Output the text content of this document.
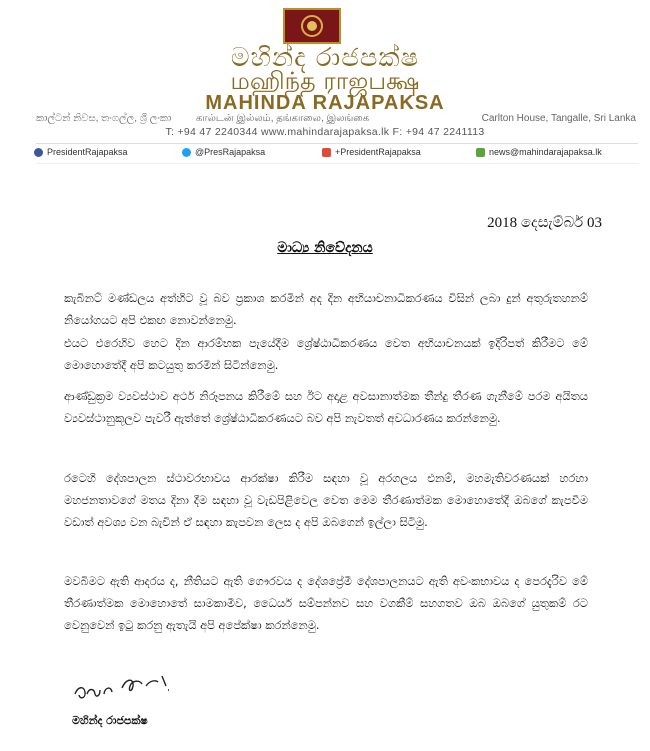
මහින්ද රාජපක්ෂ
மஹிந்த ராஜபக்ஷ
MAHINDA RAJAPAKSA
කාල්ටන් නිවස, තංගල්ල, ශ්‍රී ලංකා கால்டன் இல்லம், தங்காலை, இலங்கை	Carlton House, Tangalle, Sri Lanka
T: +94 47 2240344 www.mahindarajapaksa.lk F: +94 47 2241113
PresidentRajapaksa	@PresRajapaksa	+PresidentRajapaksa	news@mahindarajapaksa.lk
2018 දෙසැම්බර් 03
මාධ්‍ය නිවේදනය

කැබිනට් මණ්ඩලය අත්හිට වූ බව ප්‍රකාශ කරමින් අද දින අභියාචනාධිකරණය විසින් ලබා දුන් අතුරුතහනම් නියෝගයට අපි එකඟ නොවන්නෙමු.

එයට එරෙහිව හෙට දින ආරම්භක පැයේදීම ශ්‍රේෂ්ඨාධිකරණය වෙත අභියාචනයක් ඉදිරිපත් කිරීමට මේ මොහොතේදී අපි කටයුතු කරමින් සිටින්නෙමු.

ආණ්ඩුක්‍රම ව්‍යවස්ථාව අර්ථ නිරූපනය කිරීමේ සහ ඊට අදාළ අවසානාත්මක තීන්දු තීරණ ගැනීමේ පරම අයිතය ව්‍යවස්ථානුකූලව පැවරී ඇත්තේ ශ්‍රේෂ්ඨාධිකරණයට බව අපි නැවතත් අවධාරණය කරන්නෙමු.

රටෙහි දේශපාලන ස්ථාවරභාවය ආරක්ෂා කිරීම සඳහා වූ අරගලය එනම්, මහමැතිවරණයක් හරහා මහජනතාවගේ මතය දිනා දීම සඳහා වූ වැඩපිළිවෙල වෙත මෙම තීරණාත්මක මොහොතේදී ඔබගේ කැපවීම වඩාත් අවශ්‍ය වන බැවින් ඒ සඳහා කැපවන ලෙස ද අපි ඔබගෙන් ඉල්ලා සිටිමු.

මවබිමට ඇති ආදරය ද, නීතියට ඇති ගෞරවය ද දේශප්‍රේමී දේශපාලනයට ඇති අවංකභාවය ද පෙරදැරිව මේ තීරණාත්මක මොහොතේ සාමකාමීව, ධෛර්ය සම්පන්නව සහ වගකීම් සහගතව ඔබ ඔබගේ යුතුකම් රට වෙනුවෙන් ඉටු කරනු ඇතැයි අපි අපේක්ෂා කරන්නෙමු.

මහින්ද රාජපක්ෂ
